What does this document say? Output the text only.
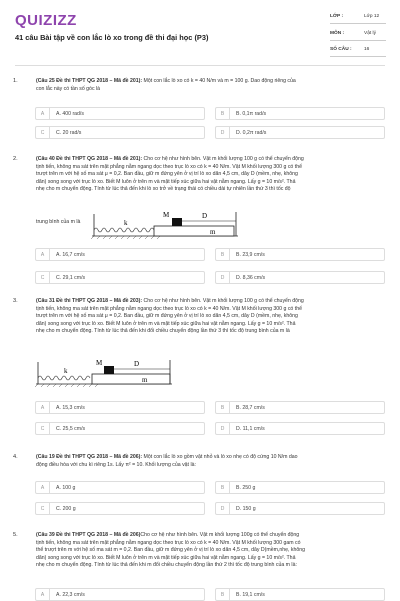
QUIZIZZ
41 câu Bài tập về con lắc lò xo trong đề thi đại học (P3)
LỚP :	Lớp 12
MÔN :	Vật lý
SỐ CÂU :	16
1.	(Câu 25 Đề thi THPT QG 2018 – Mã đề 201): Một con lắc lò xo có k = 40 N/m và m = 100 g. Dao động riêng của
con lắc này có tần số góc là
A	A. 400 rad/s	B	B. 0,1π rad/s
C	C. 20 rad/s	D	D. 0,2π rad/s
2.	(Câu 40 Đề thi THPT QG 2018 – Mã đề 201): Cho cơ hệ như hình bên. Vật m khối lượng 100 g có thể chuyển động
tịnh tiến, không ma sát trên mặt phẳng nằm ngang dọc theo trục lò xo có k = 40 N/m. Vật M khối lượng 300 g có thể
trượt trên m với hệ số ma sát μ = 0,2. Ban đầu, giữ m đứng yên ở vị trí lò xo dãn 4,5 cm, dây D (mềm, nhẹ, không
dãn) song song với trục lò xo. Biết M luôn ở trên m và mặt tiếp xúc giữa hai vật nằm ngang. Lấy g = 10 m/s². Thả
nhẹ cho m chuyển động. Tính từ lúc thả đến khi lò xo trở về trạng thái có chiều dài tự nhiên lần thứ 3 thì tốc độ
trung bình của m là	k
M	D
m
A	A. 16,7 cm/s	B	B. 23,9 cm/s
C	C. 29,1 cm/s	D	D. 8,36 cm/s
3.	(Câu 31 Đề thi THPT QG 2018 – Mã đề 203): Cho cơ hệ như hình bên. Vật m khối lượng 100 g có thể chuyển động
tịnh tiến, không ma sát trên mặt phẳng nằm ngang dọc theo trục lò xo có k = 40 N/m. Vật M khối lượng 300 g có thể
trượt trên m với hệ số ma sát μ = 0,2. Ban đầu, giữ m đứng yên ở vị trí lò xo dãn 4,5 cm, dây D (mềm, nhẹ, không
dãn) song song với trục lò xo. Biết M luôn ở trên m và mặt tiếp xúc giữa hai vật nằm ngang. Lấy g = 10 m/s². Thả
nhẹ cho m chuyển động. Tính từ lúc thả đến khi đổi chiều chuyển động lần thứ 3 thì tốc độ trung bình của m là
k
M	D
m
A	A. 15,3 cm/s	B	B. 28,7 cm/s
C	C. 25,5 cm/s	D	D. 11,1 cm/s
4.	(Câu 19 Đề thi THPT QG 2018 – Mã đề 206): Một con lắc lò xo gồm vật nhỏ và lò xo nhẹ có độ cứng 10 N/m dao
động điều hòa với chu kì riêng 1s. Lấy π² = 10. Khối lượng của vật là:
A	A. 100 g	B	B. 250 g
C	C. 200 g	D	D. 150 g
5.	(Câu 39 Đề thi THPT QG 2018 – Mã đề 206)Cho cơ hệ như hình bên. Vật m khối lượng 100g có thể chuyển động
tịnh tiến, không ma sát trên mặt phẳng nằm ngang dọc theo trục lò xo có k = 40 N/m. Vật M khối lượng 300 gam có
thể trượt trên m với hệ số ma sát m = 0,2. Ban đầu, giữ m đứng yên ở vị trí lò xo dãn 4,5 cm, dây D(mềm,nhẹ, không
dãn) song song với trục lò xo. Biết M luôn ở trên m và mặt tiếp xúc giữa hai vật nằm ngang. Lấy g = 10 m/s². Thả
nhẹ cho m chuyển động. Tính từ lúc thả đến khi m đổi chiều chuyển động lần thứ 2 thì tốc độ trung bình của m là:
A	A. 22,3 cm/s	B	B. 19,1 cm/s
